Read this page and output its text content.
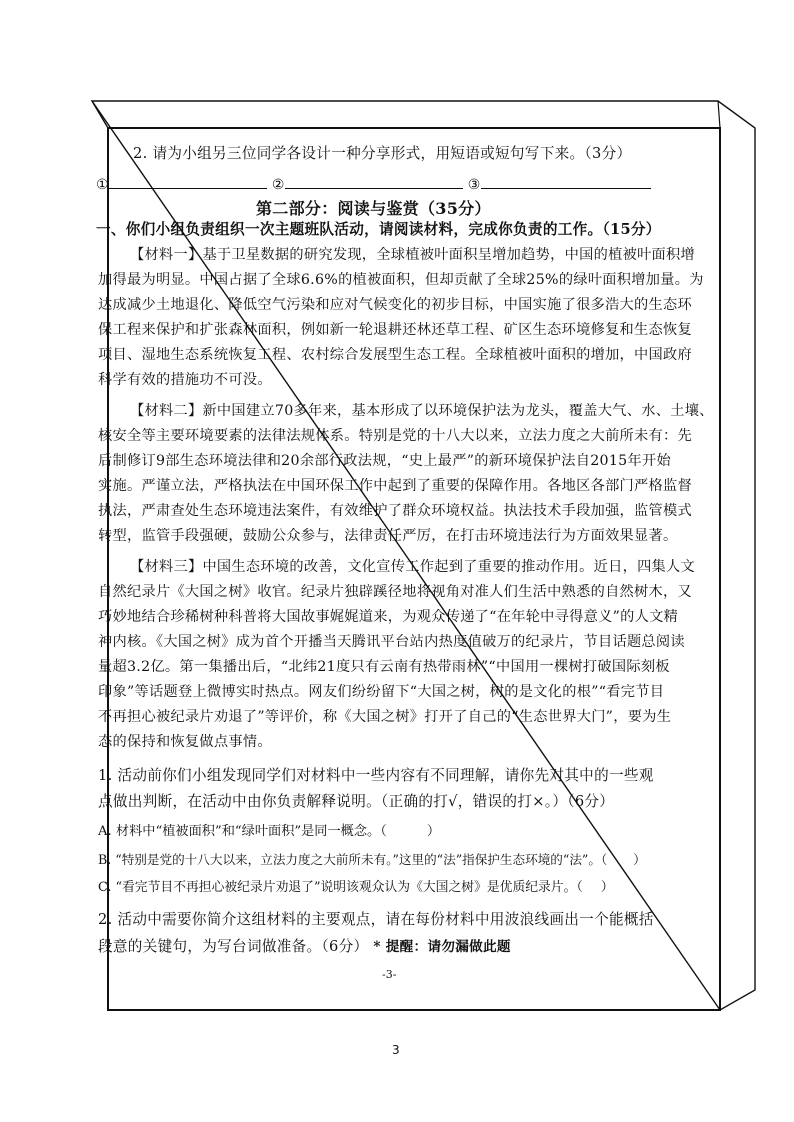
2. 请为小组另三位同学各设计一种分享形式，用短语或短句写下来。（3分）
①	②	③
第二部分：阅读与鉴赏（35分）
一、你们小组负责组织一次主题班队活动，请阅读材料，完成你负责的工作。（15分）
【材料一】基于卫星数据的研究发现，全球植被叶面积呈增加趋势，中国的植被叶面积增
加得最为明显。中国占据了全球6.6%的植被面积，但却贡献了全球25%的绿叶面积增加量。为
达成减少土地退化、降低空气污染和应对气候变化的初步目标，中国实施了很多浩大的生态环
保工程来保护和扩张森林面积，例如新一轮退耕还林还草工程、矿区生态环境修复和生态恢复
项目、湿地生态系统恢复工程、农村综合发展型生态工程。全球植被叶面积的增加，中国政府
科学有效的措施功不可没。
【材料二】新中国建立70多年来，基本形成了以环境保护法为龙头，覆盖大气、水、土壤、
核安全等主要环境要素的法律法规体系。特别是党的十八大以来，立法力度之大前所未有：先
后制修订9部生态环境法律和20余部行政法规，“史上最严”的新环境保护法自2015年开始
实施。严谨立法，严格执法在中国环保工作中起到了重要的保障作用。各地区各部门严格监督
执法，严肃查处生态环境违法案件，有效维护了群众环境权益。执法技术手段加强，监管模式
转型，监管手段强硬，鼓励公众参与，法律责任严厉，在打击环境违法行为方面效果显著。
【材料三】中国生态环境的改善，文化宣传工作起到了重要的推动作用。近日，四集人文
自然纪录片《大国之树》收官。纪录片独辟蹊径地将视角对准人们生活中熟悉的自然树木，又
巧妙地结合珍稀树种科普将大国故事娓娓道来，为观众传递了“在年轮中寻得意义”的人文精
神内核。《大国之树》成为首个开播当天腾讯平台站内热度值破万的纪录片，节目话题总阅读
量超3.2亿。第一集播出后，“北纬21度只有云南有热带雨林”“中国用一棵树打破国际刻板
印象”等话题登上微博实时热点。网友们纷纷留下“大国之树，树的是文化的根”“看完节目
不再担心被纪录片劝退了”等评价，称《大国之树》打开了自己的“生态世界大门”，要为生
态的保持和恢复做点事情。
1. 活动前你们小组发现同学们对材料中一些内容有不同理解，请你先对其中的一些观
点做出判断，在活动中由你负责解释说明。（正确的打√，错误的打×。）（6分）
A. 材料中“植被面积”和“绿叶面积”是同一概念。（	）
B. “特别是党的十八大以来，立法力度之大前所未有。”这里的“法”指保护生态环境的“法”。（ ）
C. “看完节目不再担心被纪录片劝退了”说明该观众认为《大国之树》是优质纪录片。（ ）
2. 活动中需要你简介这组材料的主要观点，请在每份材料中用波浪线画出一个能概括
段意的关键句，为写台词做准备。（6分） * 提醒：请勿漏做此题
-3-
3
